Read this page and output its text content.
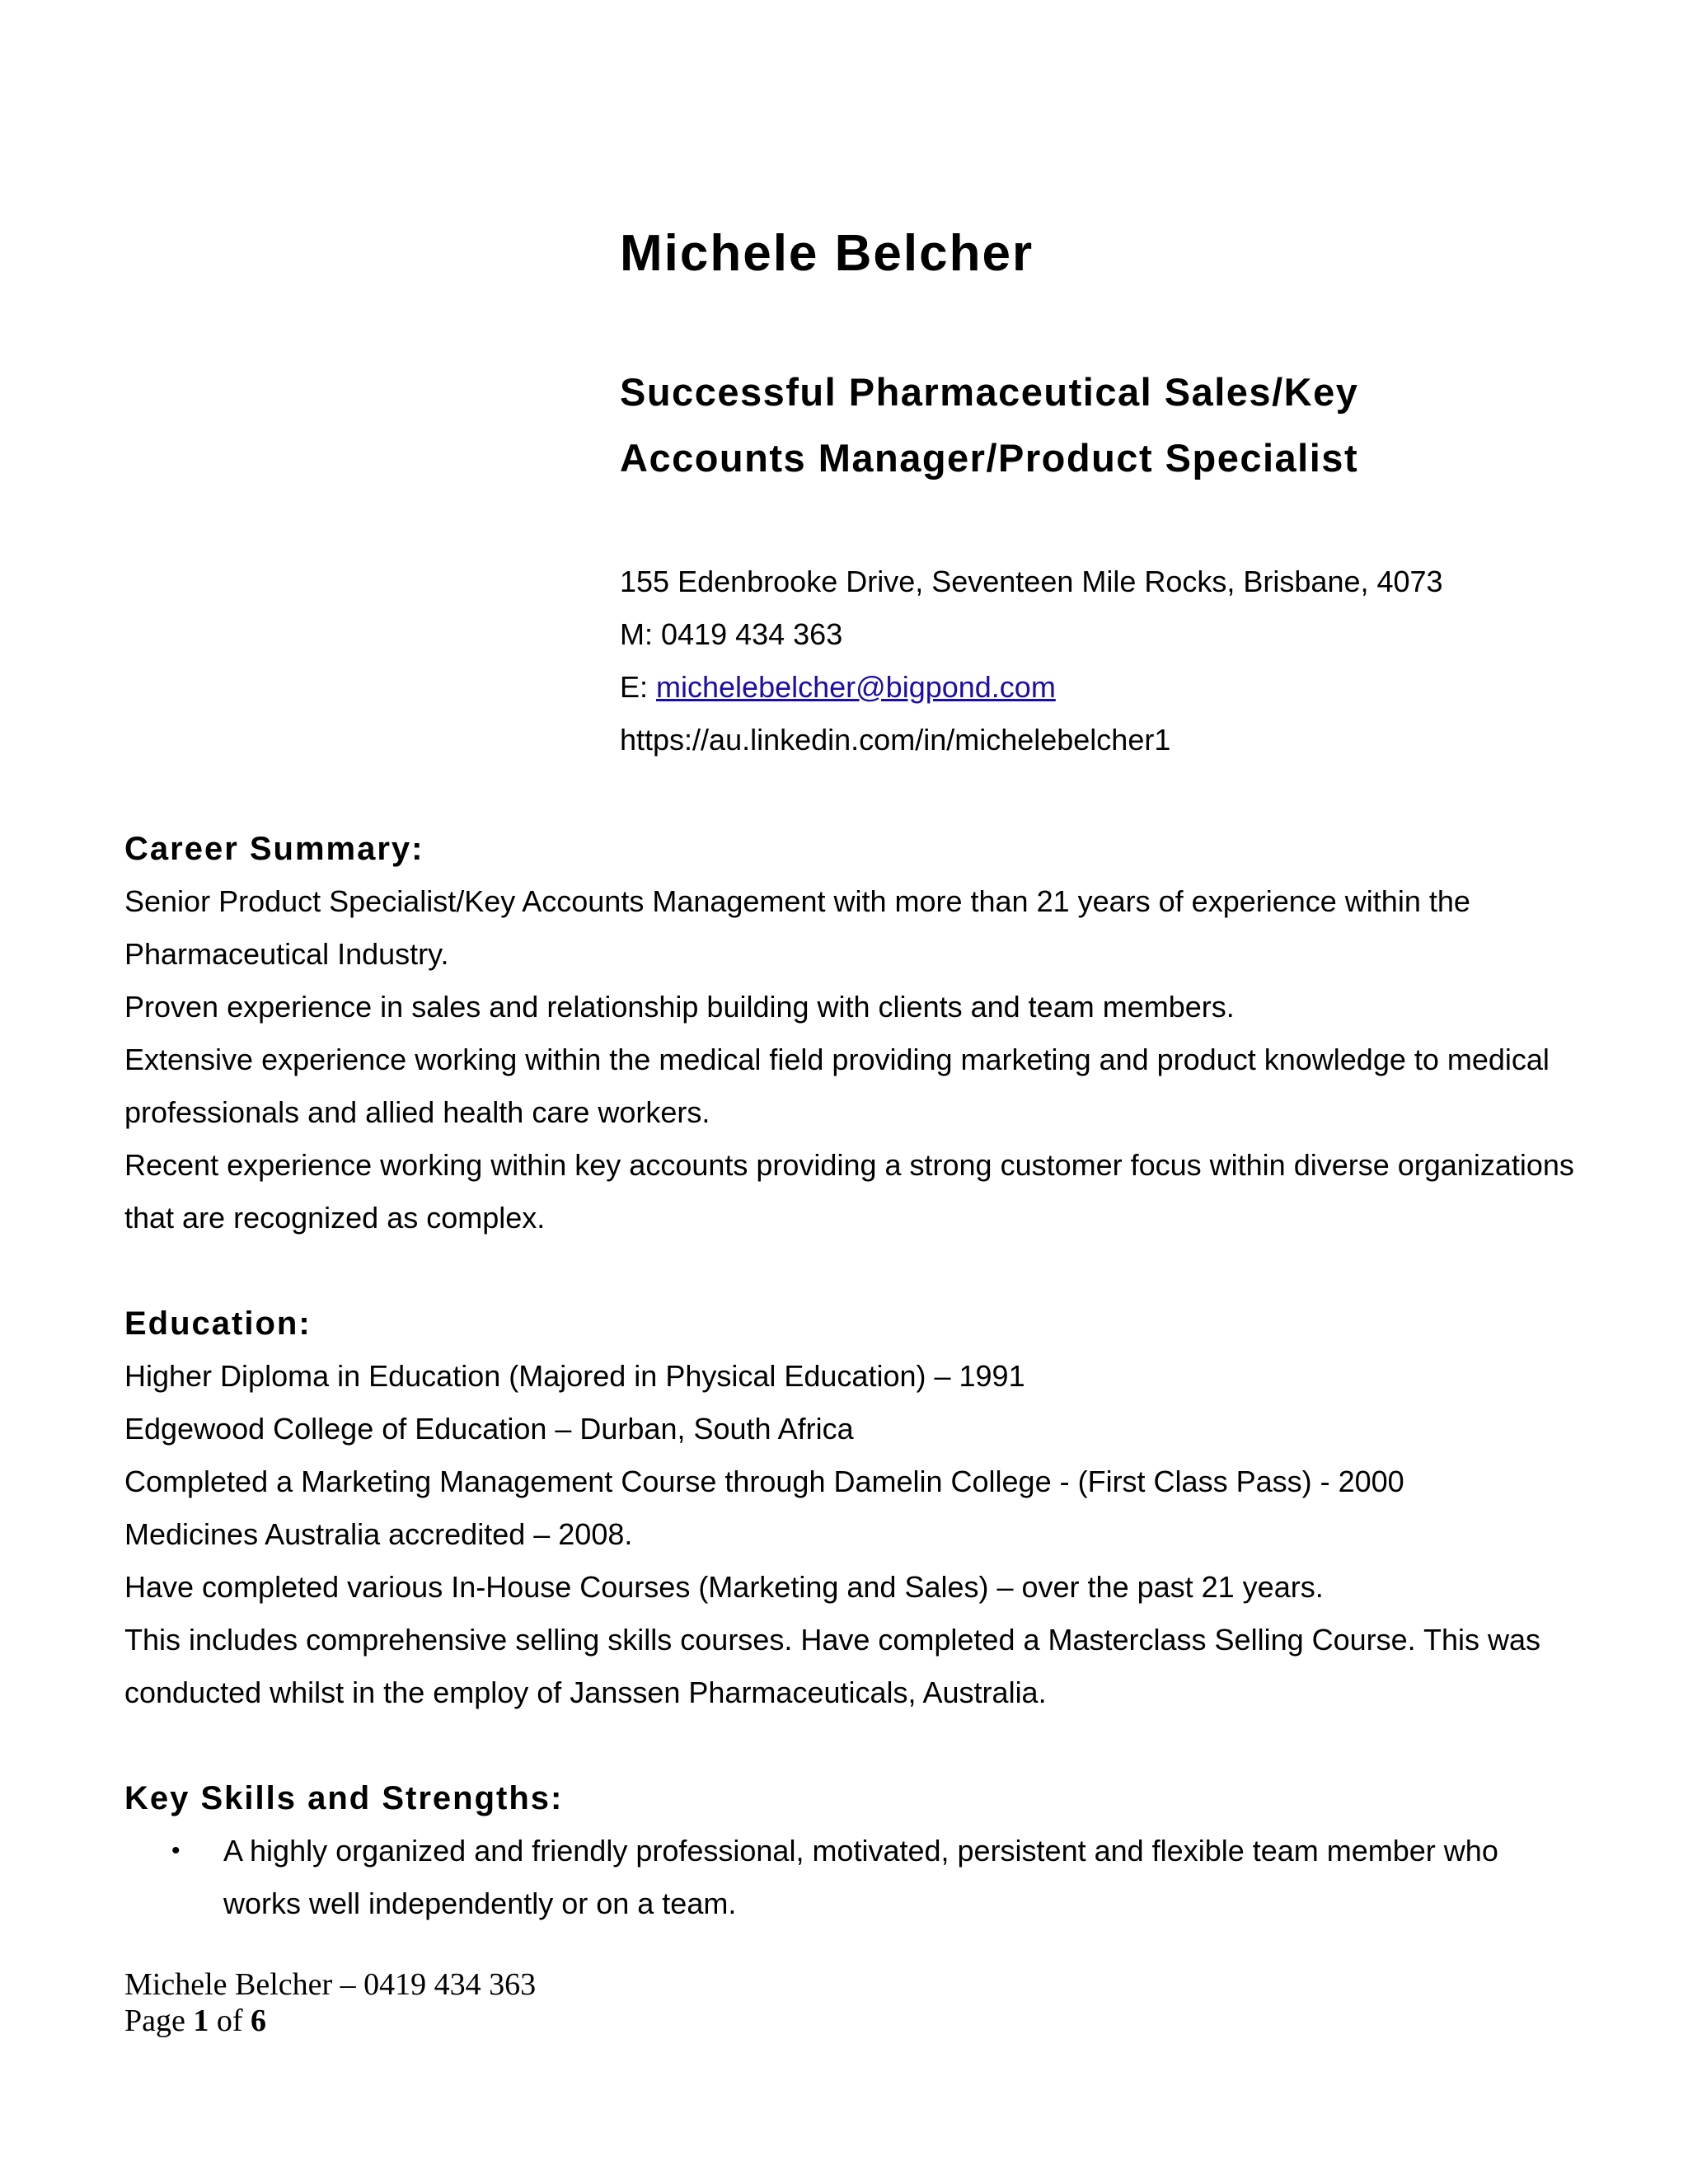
Michele Belcher
Successful Pharmaceutical Sales/Key
Accounts Manager/Product Specialist
155 Edenbrooke Drive, Seventeen Mile Rocks, Brisbane, 4073
M: 0419 434 363
E: michelebelcher@bigpond.com
https://au.linkedin.com/in/michelebelcher1
Career Summary:

Senior Product Specialist/Key Accounts Management with more than 21 years of experience within the Pharmaceutical Industry.

Proven experience in sales and relationship building with clients and team members.

Extensive experience working within the medical field providing marketing and product knowledge to medical professionals and allied health care workers.

Recent experience working within key accounts providing a strong customer focus within diverse organizations that are recognized as complex.

Education:

Higher Diploma in Education (Majored in Physical Education) – 1991

Edgewood College of Education – Durban, South Africa

Completed a Marketing Management Course through Damelin College - (First Class Pass) - 2000

Medicines Australia accredited – 2008.

Have completed various In-House Courses (Marketing and Sales) – over the past 21 years.

This includes comprehensive selling skills courses. Have completed a Masterclass Selling Course. This was conducted whilst in the employ of Janssen Pharmaceuticals, Australia.

Key Skills and Strengths:
• A highly organized and friendly professional, motivated, persistent and flexible team member who works well independently or on a team.
Michele Belcher – 0419 434 363
Page 1 of 6
